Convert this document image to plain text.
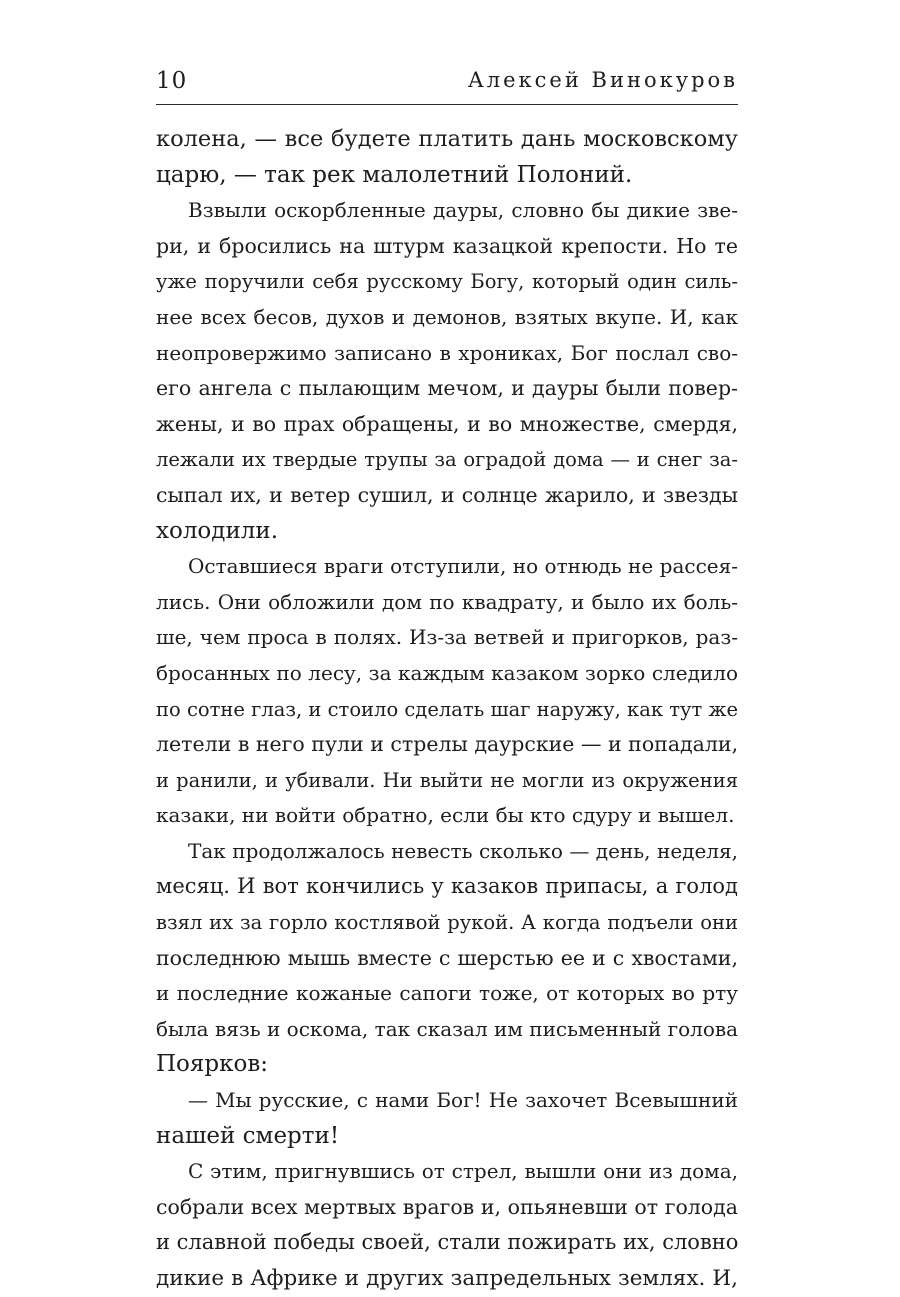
10	Алексей Винокуров
колена, — все будете платить дань московскому
царю, — так рек малолетний Полоний.
Взвыли оскорбленные дауры, словно бы дикие зве-
ри, и бросились на штурм казацкой крепости. Но те
уже поручили себя русскому Богу, который один силь-
нее всех бесов, духов и демонов, взятых вкупе. И, как
неопровержимо записано в хрониках, Бог послал сво-
его ангела с пылающим мечом, и дауры были повер-
жены, и во прах обращены, и во множестве, смердя,
лежали их твердые трупы за оградой дома — и снег за-
сыпал их, и ветер сушил, и солнце жарило, и звезды
холодили.
Оставшиеся враги отступили, но отнюдь не рассея-
лись. Они обложили дом по квадрату, и было их боль-
ше, чем проса в полях. Из-за ветвей и пригорков, раз-
бросанных по лесу, за каждым казаком зорко следило
по сотне глаз, и стоило сделать шаг наружу, как тут же
летели в него пули и стрелы даурские — и попадали,
и ранили, и убивали. Ни выйти не могли из окружения
казаки, ни войти обратно, если бы кто сдуру и вышел.
Так продолжалось невесть сколько — день, неделя,
месяц. И вот кончились у казаков припасы, а голод
взял их за горло костлявой рукой. А когда подъели они
последнюю мышь вместе с шерстью ее и с хвостами,
и последние кожаные сапоги тоже, от которых во рту
была вязь и оскома, так сказал им письменный голова
Поярков:
— Мы русские, с нами Бог! Не захочет Всевышний
нашей смерти!
С этим, пригнувшись от стрел, вышли они из дома,
собрали всех мертвых врагов и, опьяневши от голода
и славной победы своей, стали пожирать их, словно
дикие в Африке и других запредельных землях. И,
